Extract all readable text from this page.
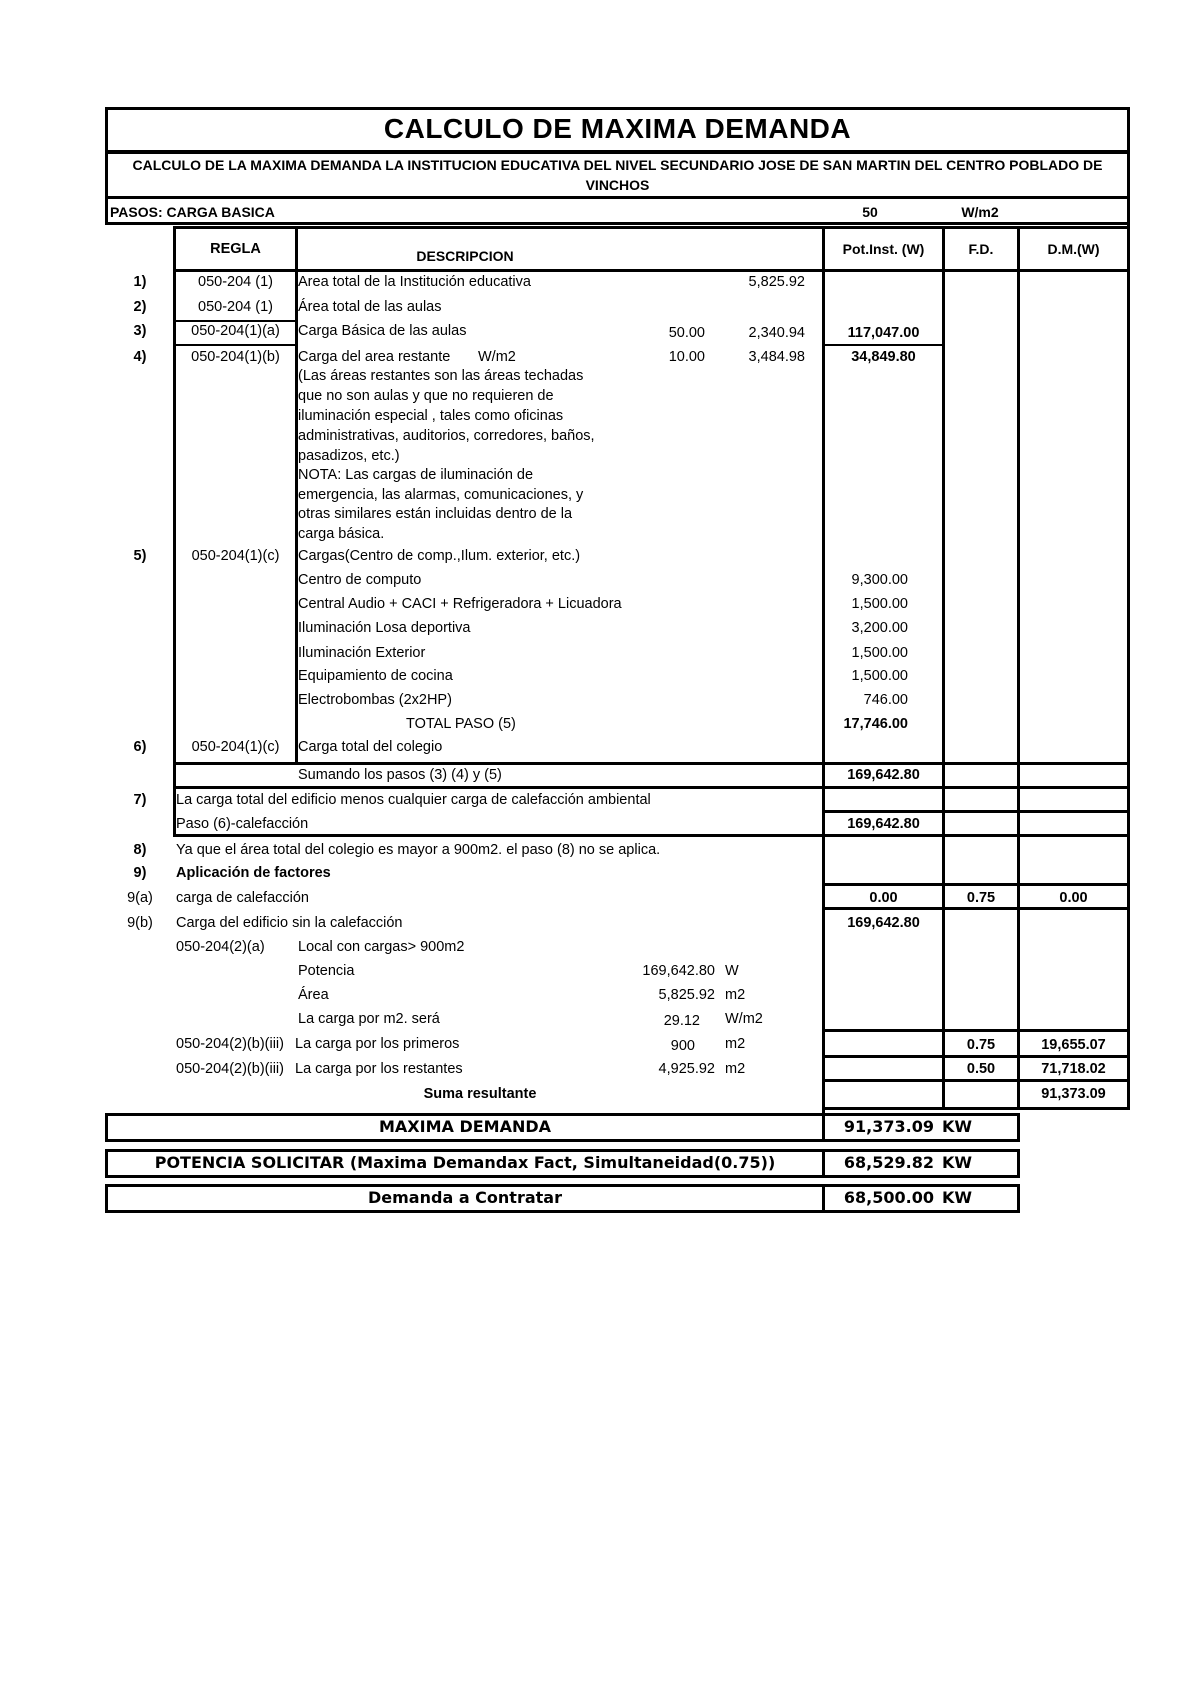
CALCULO DE MAXIMA DEMANDA
CALCULO DE LA MAXIMA DEMANDA LA INSTITUCION EDUCATIVA DEL NIVEL SECUNDARIO JOSE DE SAN MARTIN DEL CENTRO POBLADO DE VINCHOS
PASOS: CARGA BASICA	50	W/m2
REGLA	DESCRIPCION	Pot.Inst. (W)	F.D.	D.M.(W)
1)	050-204 (1)	Area total de la Institución educativa	5,825.92
2)	050-204 (1)	Área total de las aulas
3)	050-204(1)(a)	Carga Básica de las aulas	50.00	2,340.94	117,047.00
4)	050-204(1)(b)	Carga del area restante W/m2	10.00	3,484.98	34,849.80
(Las áreas restantes son las áreas techadas
que no son aulas y que no requieren de
iluminación especial , tales como oficinas
administrativas, auditorios, corredores, baños,
pasadizos, etc.)
NOTA: Las cargas de iluminación de
emergencia, las alarmas, comunicaciones, y
otras similares están incluidas dentro de la
carga básica.
5)	050-204(1)(c)	Cargas(Centro de comp.,Ilum. exterior, etc.)
Centro de computo	9,300.00
Central Audio + CACI + Refrigeradora + Licuadora	1,500.00
Iluminación Losa deportiva	3,200.00
Iluminación Exterior	1,500.00
Equipamiento de cocina	1,500.00
Electrobombas (2x2HP)	746.00
TOTAL PASO (5)	17,746.00
6)	050-204(1)(c)	Carga total del colegio
Sumando los pasos (3) (4) y (5)	169,642.80
7)	La carga total del edificio menos cualquier carga de calefacción ambiental
Paso (6)-calefacción	169,642.80
8)	Ya que el área total del colegio es mayor a 900m2. el paso (8) no se aplica.
9)	Aplicación de factores
9(a)	carga de calefacción	0.00	0.75	0.00
9(b)	Carga del edificio sin la calefacción	169,642.80
050-204(2)(a) Local con cargas> 900m2
Potencia	169,642.80 W
Área	5,825.92 m2
La carga por m2. será	29.12 W/m2
050-204(2)(b)(iii) La carga por los primeros	900 m2	0.75	19,655.07
050-204(2)(b)(iii) La carga por los restantes	4,925.92 m2	0.50	71,718.02
Suma resultante	91,373.09
MAXIMA DEMANDA	91,373.09 KW
POTENCIA SOLICITAR (Maxima Demandax Fact, Simultaneidad(0.75))	68,529.82 KW
Demanda a Contratar	68,500.00 KW
